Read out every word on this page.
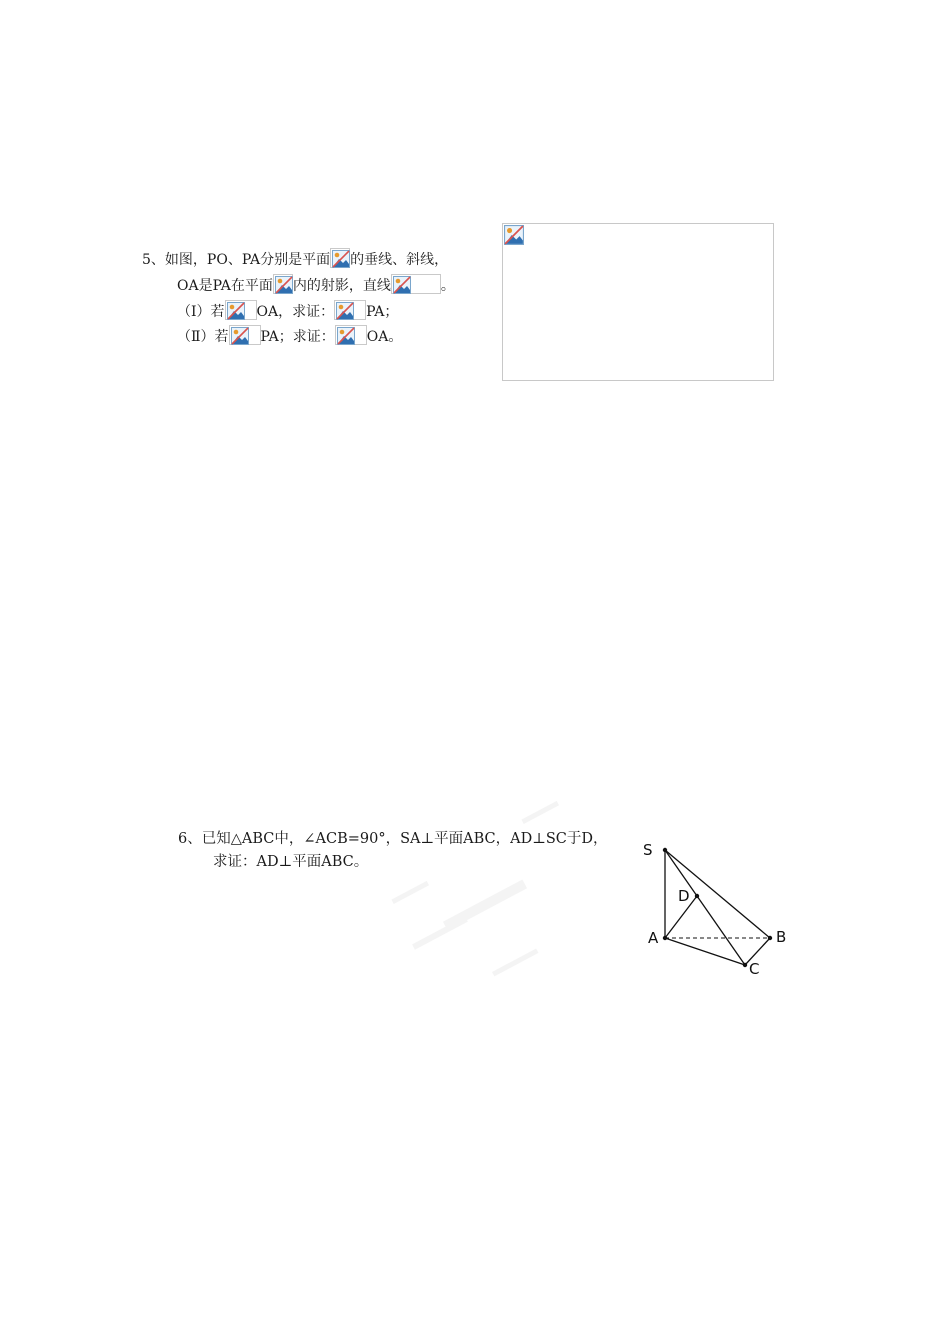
5、如图，PO、PA分别是平面 的垂线、斜线，
OA是PA在平面 内的射影，直线	。
（Ⅰ）若 OA，求证： PA；
（Ⅱ）若 PA；求证： OA。
6、已知△ABC中，∠ACB=90°，SA⊥平面ABC，AD⊥SC于D，
求证：AD⊥平面ABC。
S
D
A	B
C
